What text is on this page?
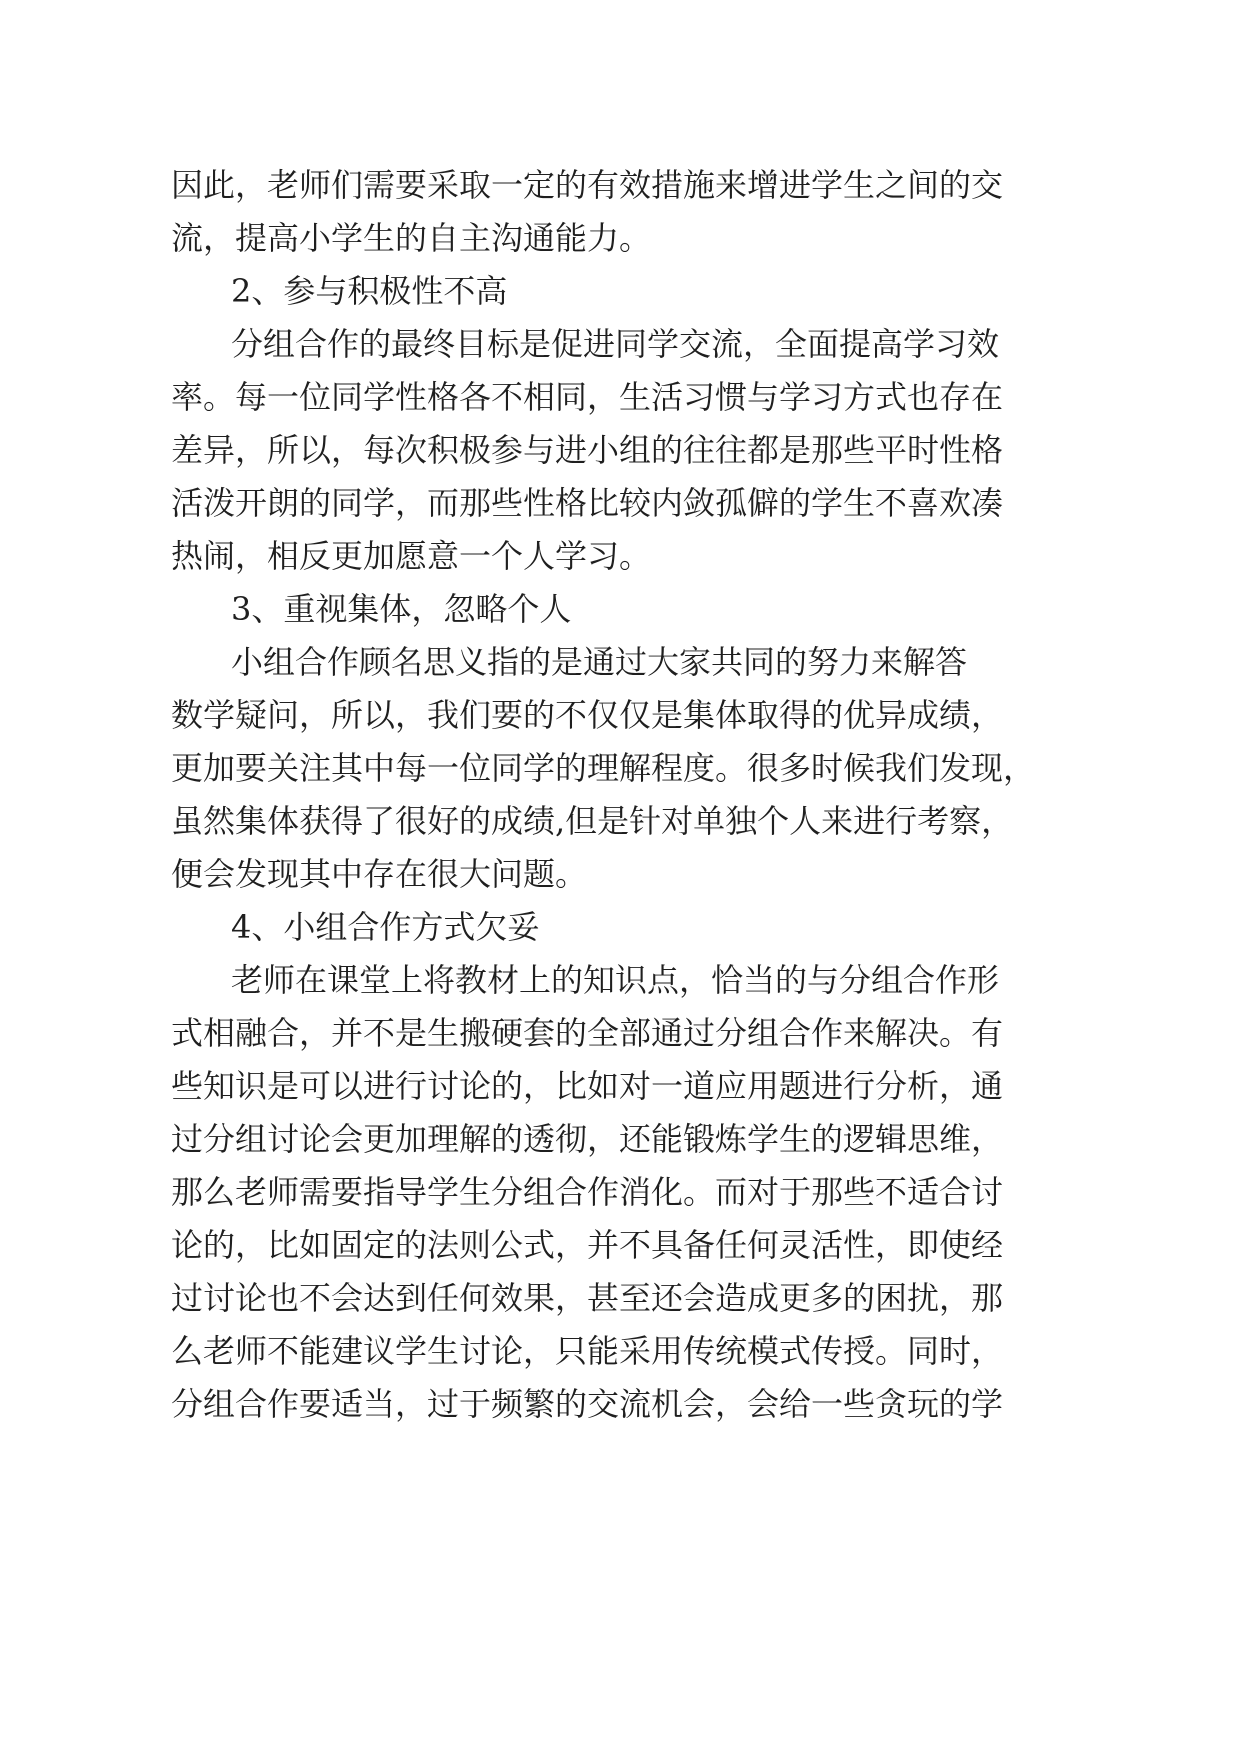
因此，老师们需要采取一定的有效措施来增进学生之间的交

流，提高小学生的自主沟通能力。

2、参与积极性不高

分组合作的最终目标是促进同学交流，全面提高学习效

率。每一位同学性格各不相同，生活习惯与学习方式也存在

差异，所以，每次积极参与进小组的往往都是那些平时性格

活泼开朗的同学，而那些性格比较内敛孤僻的学生不喜欢凑

热闹，相反更加愿意一个人学习。

3、重视集体，忽略个人

小组合作顾名思义指的是通过大家共同的努力来解答

数学疑问，所以，我们要的不仅仅是集体取得的优异成绩，

更加要关注其中每一位同学的理解程度。很多时候我们发现，

虽然集体获得了很好的成绩,但是针对单独个人来进行考察，

便会发现其中存在很大问题。

4、小组合作方式欠妥

老师在课堂上将教材上的知识点，恰当的与分组合作形

式相融合，并不是生搬硬套的全部通过分组合作来解决。有

些知识是可以进行讨论的，比如对一道应用题进行分析，通

过分组讨论会更加理解的透彻，还能锻炼学生的逻辑思维，

那么老师需要指导学生分组合作消化。而对于那些不适合讨

论的，比如固定的法则公式，并不具备任何灵活性，即使经

过讨论也不会达到任何效果，甚至还会造成更多的困扰，那

么老师不能建议学生讨论，只能采用传统模式传授。同时，

分组合作要适当，过于频繁的交流机会，会给一些贪玩的学
